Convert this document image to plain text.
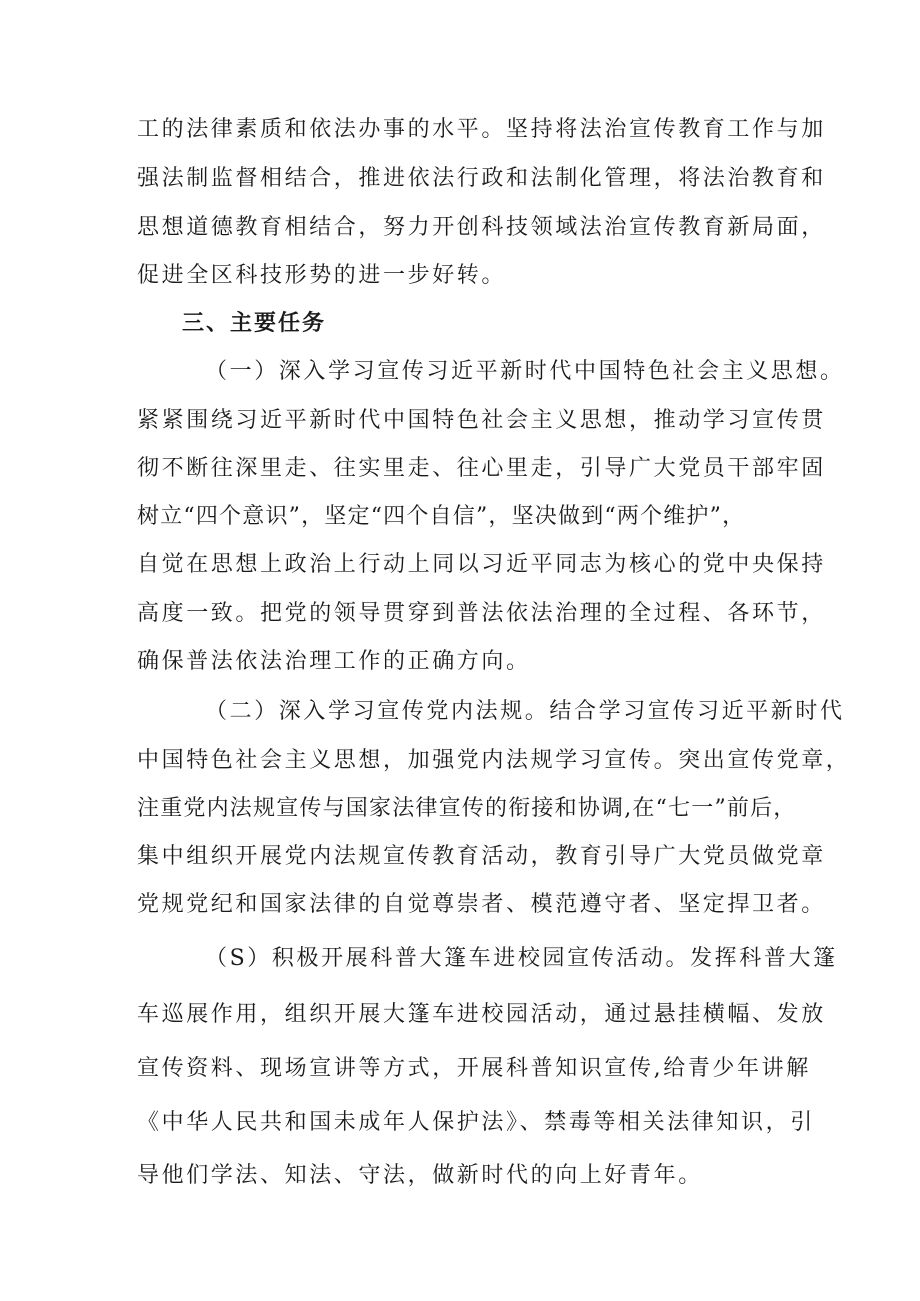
工的法律素质和依法办事的水平。坚持将法治宣传教育工作与加
强法制监督相结合，推进依法行政和法制化管理，将法治教育和
思想道德教育相结合，努力开创科技领域法治宣传教育新局面，
促进全区科技形势的进一步好转。
三、主要任务
（一）深入学习宣传习近平新时代中国特色社会主义思想。
紧紧围绕习近平新时代中国特色社会主义思想，推动学习宣传贯
彻不断往深里走、往实里走、往心里走，引导广大党员干部牢固
树立“四个意识”，坚定“四个自信”，坚决做到“两个维护”，
自觉在思想上政治上行动上同以习近平同志为核心的党中央保持
高度一致。把党的领导贯穿到普法依法治理的全过程、各环节，
确保普法依法治理工作的正确方向。
（二）深入学习宣传党内法规。结合学习宣传习近平新时代
中国特色社会主义思想，加强党内法规学习宣传。突出宣传党章，
注重党内法规宣传与国家法律宣传的衔接和协调,在“七一”前后，
集中组织开展党内法规宣传教育活动，教育引导广大党员做党章
党规党纪和国家法律的自觉尊崇者、模范遵守者、坚定捍卫者。
（S）积极开展科普大篷车进校园宣传活动。发挥科普大篷
车巡展作用，组织开展大篷车进校园活动，通过悬挂横幅、发放
宣传资料、现场宣讲等方式，开展科普知识宣传,给青少年讲解
《中华人民共和国未成年人保护法》、禁毒等相关法律知识，引
导他们学法、知法、守法，做新时代的向上好青年。
